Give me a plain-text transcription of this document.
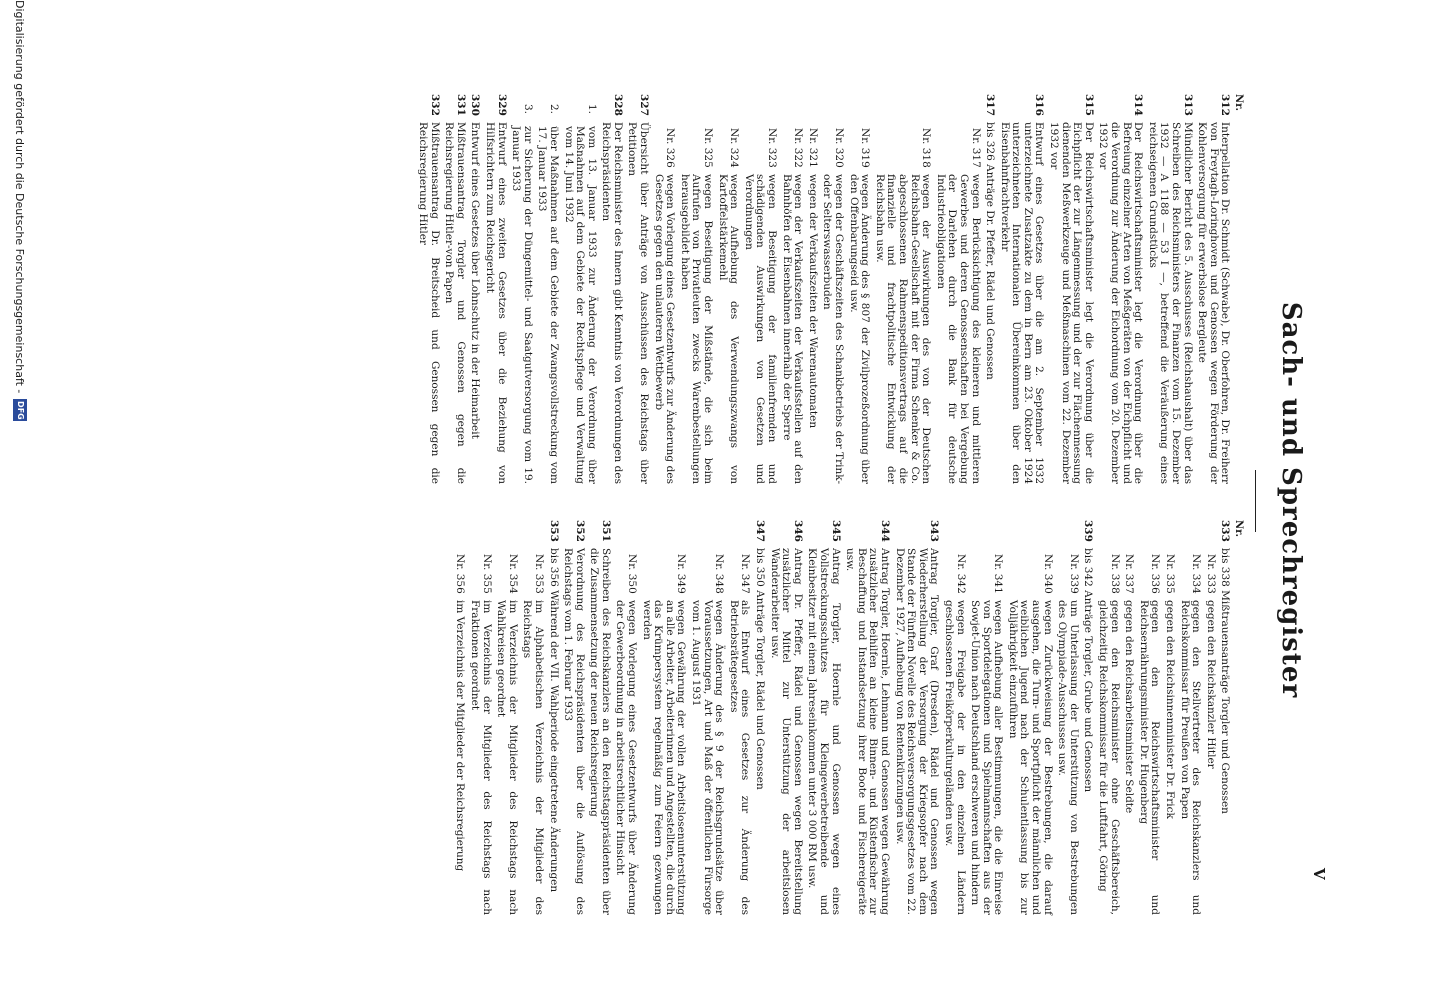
V
Sach- und Sprechregister
Nr.
312
Interpellation Dr. Schmidt (Schwabe), Dr. Oberfohren, Dr. Freiherr von Freytagh-Loringhoven und Genossen wegen Förderung der Kohlenversorgung für erwerbslose Bergleute
313
Mündlicher Bericht des 5. Ausschusses (Reichshaushalt) über das Schreiben des Reichsministers der Finanzen vom 15. Dezember 1932 — A 1188 — 53 I —, betreffend die Veräußerung eines reichseigenen Grundstücks
314
Der Reichswirtschaftsminister legt die Verordnung über die Befreiung einzelner Arten von Meßgeräten von der Eichpflicht und die Verordnung zur Änderung der Eichordnung vom 20. Dezember 1932 vor
315
Der Reichswirtschaftsminister legt die Verordnung über die Eichpflicht der zur Längenmessung und der zur Flächenmessung dienenden Meßwerkzeuge und Meßmaschinen vom 22. Dezember 1932 vor
316
Entwurf eines Gesetzes über die am 2. September 1932 unterzeichnete Zusatzakte zu dem in Bern am 23. Oktober 1924 unterzeichneten Internationalen Übereinkommen über den Eisenbahnfrachtverkehr
317
bis 326 Anträge Dr. Pfeffer, Rädel und Genossen
Nr. 317
wegen Berücksichtigung des kleineren und mittleren Gewerbes und deren Genossenschaften bei Vergebung der Darlehen durch die Bank für deutsche Industrieobligationen
Nr. 318
wegen der Auswirkungen des von der Deutschen Reichsbahn-Gesellschaft mit der Firma Schenker & Co. abgeschlossenen Rahmenspeditionsvertrags auf die finanzielle und frachtpolitische Entwicklung der Reichsbahn usw.
Nr. 319
wegen Änderung des § 807 der Zivilprozeßordnung über den Offenbarungseid usw.
Nr. 320
wegen der Geschäftszeiten des Schankbetriebs der Trink- oder Selterswasserbuden
Nr. 321
wegen der Verkaufszeiten der Warenautomaten
Nr. 322
wegen der Verkaufszeiten der Verkaufsstellen auf den Bahnhöfen der Eisenbahnen innerhalb der Sperre
Nr. 323
wegen Beseitigung der familienfremden und schädigenden Auswirkungen von Gesetzen und Verordnungen
Nr. 324
wegen Aufhebung des Verwendungszwangs von Kartoffelstärkemehl
Nr. 325
wegen Beseitigung der Mißstände, die sich beim Aufrufen von Privatleuten zwecks Warenbestellungen herausgebildet haben
Nr. 326
wegen Vorlegung eines Gesetzentwurfs zur Änderung des Gesetzes gegen den unlauteren Wettbewerb
327
Übersicht über Anträge von Ausschüssen des Reichstags über Petitionen
328
Der Reichsminister des Innern gibt Kenntnis von Verordnungen des Reichspräsidenten
1.
vom 13. Januar 1933 zur Änderung der Verordnung über Maßnahmen auf dem Gebiete der Rechtspflege und Verwaltung vom 14. Juni 1932
2.
über Maßnahmen auf dem Gebiete der Zwangsvollstreckung vom 17. Januar 1933
3.
zur Sicherung der Düngemittel- und Saatgutversorgung vom 19. Januar 1933
329
Entwurf eines zweiten Gesetzes über die Beziehung von Hilfsrichtern zum Reichsgericht
330
Entwurf eines Gesetzes über Lohnschutz in der Heimarbeit
331
Mißtrauensantrag Torgler und Genossen gegen die Reichsregierung Hitler-von Papen
332
Mißtrauensantrag Dr. Breitscheid und Genossen gegen die Reichsregierung Hitler
Nr.
333
bis 338 Mißtrauensanträge Torgler und Genossen
Nr. 333
gegen den Reichskanzler Hitler
Nr. 334
gegen den Stellvertreter des Reichskanzlers und Reichskommissar für Preußen von Papen
Nr. 335
gegen den Reichsinnenminister Dr. Frick
Nr. 336
gegen den Reichswirtschaftsminister und Reichsernährungsminister Dr. Hugenberg
Nr. 337
gegen den Reichsarbeitsminister Seldte
Nr. 338
gegen den Reichsminister ohne Geschäftsbereich, gleichzeitig Reichskommissar für die Luftfahrt, Göring
339
bis 342 Anträge Torgler, Grube und Genossen
Nr. 339
um Unterlassung der Unterstützung von Bestrebungen des Olympiade-Ausschusses usw.
Nr. 340
wegen Zurückweisung der Bestrebungen, die darauf ausgehen, die Turn- und Sportpflicht der männlichen und weiblichen Jugend nach der Schulentlassung bis zur Volljährigkeit einzuführen
Nr. 341
wegen Aufhebung aller Bestimmungen, die die Einreise von Sportdelegationen und Spielmannschaften aus der Sowjet-Union nach Deutschland erschweren und hindern
Nr. 342
wegen Freigabe der in den einzelnen Ländern geschlossenen Freikörperkulturgeländen usw.
343
Antrag Torgler, Graf (Dresden), Rädel und Genossen wegen Wiederherstellung der Versorgung der Kriegsopfer nach dem Stande der Fünften Novelle des Reichsversorgungsgesetzes vom 22. Dezember 1927, Aufhebung von Rentenkürzungen usw.
344
Antrag Torgler, Hoernle, Lehmann und Genossen wegen Gewährung zusätzlicher Beihilfen an kleine Binnen- und Küstenfischer zur Beschaffung und Instandsetzung ihrer Boote und Fischereigeräte usw.
345
Antrag Torgler, Hoernle und Genossen wegen eines Vollstreckungsschutzes für Kleingewerbetreibende und Kleinbesitzer mit einem Jahreseinkommen unter 3 000 RM usw.
346
Antrag Dr. Pfeffer, Rädel und Genossen wegen Bereitstellung zusätzlicher Mittel zur Unterstützung der arbeitslosen Wanderarbeiter usw.
347
bis 350 Anträge Torgler, Rädel und Genossen
Nr. 347
als Entwurf eines Gesetzes zur Änderung des Betriebsrätegesetzes
Nr. 348
wegen Änderung des § 9 der Reichsgrundsätze über Voraussetzungen, Art und Maß der öffentlichen Fürsorge vom 1. August 1931
Nr. 349
wegen Gewährung der vollen Arbeitslosenunterstützung an alle Arbeiter, Arbeiterinnen und Angestellten, die durch das Krümpersystem regelmäßig zum Feiern gezwungen werden
Nr. 350
wegen Vorlegung eines Gesetzentwurfs über Änderung der Gewerbeordnung in arbeitsrechtlicher Hinsicht
351
Schreiben des Reichskanzlers an den Reichstagspräsidenten über die Zusammensetzung der neuen Reichsregierung
352
Verordnung des Reichspräsidenten über die Auflösung des Reichstags vom 1. Februar 1933
353
bis 356 Während der VII. Wahlperiode eingetretene Änderungen
Nr. 353
im Alphabetischen Verzeichnis der Mitglieder des Reichstags
Nr. 354
im Verzeichnis der Mitglieder des Reichstags nach Wahlkreisen geordnet
Nr. 355
im Verzeichnis der Mitglieder des Reichstags nach Fraktionen geordnet
Nr. 356
im Verzeichnis der Mitglieder der Reichsregierung
Digitalisierung gefördert durch die Deutsche Forschungsgemeinschaft -
DFG
